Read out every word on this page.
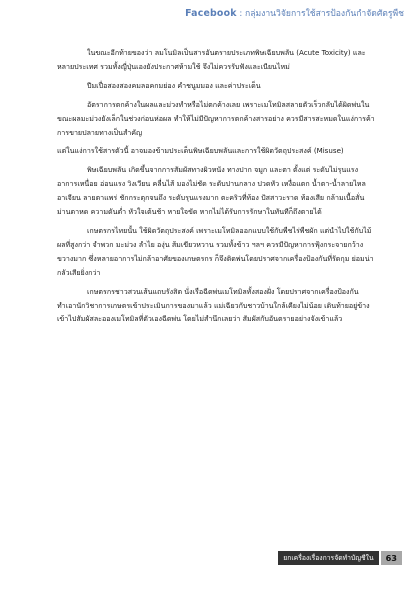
Facebook : กลุ่มงานวิจัยการใช้สารป้องกันกำจัดศัตรูพืช

ในขณะอีกท้ายของว่า ลมโนมิลเป็นสารอันตรายประเภทพิษเฉียบพลัน (Acute Toxicity) และหลายประเทศ รวมทั้งญี่ปุ่นเองยังประกาศห้ามใช้ จึงไม่ควรรับฟังและเนียนไหม่

ปีมเปื่อสองสองคมลอคกมย่อง คำชนูมมอง และค่าประเด็น

อัตราการตกค้างในผลและม่วงทำหรือไม่ตกค้างเลย เพราะเมโทมิลสลายตัวเร็วกลับได้ผิดพ่นในขณะผลมะม่วงยังเล็กในช่วงก่อนห่อผล ทำให้ไม่มีปัญหาการตกค้างสารอย่าง ควรมีสารสะหมดในแง่การค้าการขายปลายทางเป็นสำคัญ

แต่ในแง่การใช้สารตัวนี้ อาจมองข้ามประเด็นพิษเฉียบพลันและการใช้ผิดวัตถุประสงค์ (Misuse)

พิษเฉียบพลัน เกิดขึ้นจากการสัมผัสทางผิวหนัง ทางปาก จมูก และตา ตั้งแต่ ระดับไม่รุนแรง อาการเหนื่อย อ่อนแรง วิงเวียน คลื่นไส้ มองไม่ชัด ระดับปานกลาง ปวดหัว เหงื่อแตก น้ำตา-น้ำลายไหล อาเจียน ลายตาแพร่ ชักกระตุกจนถึง ระดับรุนแรงมาก ตะคริวที่ท้อง ปัสสาวะราด ท้องเสีย กล้ามเนื้อสั่น ม่านตาหด ความดันต่ำ หัวใจเต้นช้า หายใจขัด หากไม่ได้รับการรักษาในทันทีก็ถึงตายได้

เกษตรกรไทยนั้น ใช้ผิดวัตถุประสงค์ เพราะเมโทมิลออกแบบใช้กับพืชไร่พืชผัก แต่นำไปใช้กับไม้ผลที่สูงกว่า จำพวก มะม่วง ลำไย องุ่น ส้มเขียวหวาน รวมทั้งข้าว ฯลฯ ควรมีปัญหาการฟุ้งกระจายกว้างขวางมาก ซึ่งหลายอาการไม่กล้าอาศัยของเกษตรกร ก็จึงติดพ่นโดยปราศจากเครื่องป้องกันที่รัดกุม ย่อมน่ากลัวเสียยิ่งกว่า

เกษตรกรชาวสวนเส้นแถบรังสิต นั่งเรือฉีดพ่นเมโทมิลทั้งสองฝั่ง โดยปราศจากเครื่องป้องกัน ทำเอานักวิชาการเกษตรเข้าประเมินการของมาแล้ว แม่เฉียวกับชาวบ้านใกล้เคียงไม่น้อย เดินท้ายอยู่ข้างเข้าไปสัมผัสละอองเมโทมิลที่ตัวเองฉีดพ่น โดยไม่สำนึกเลยว่า สัมผัสกับอันตรายอย่างจังเข้าแล้ว

ยกเครื่องเรื่องการจัดทำบัญชีใน	63
